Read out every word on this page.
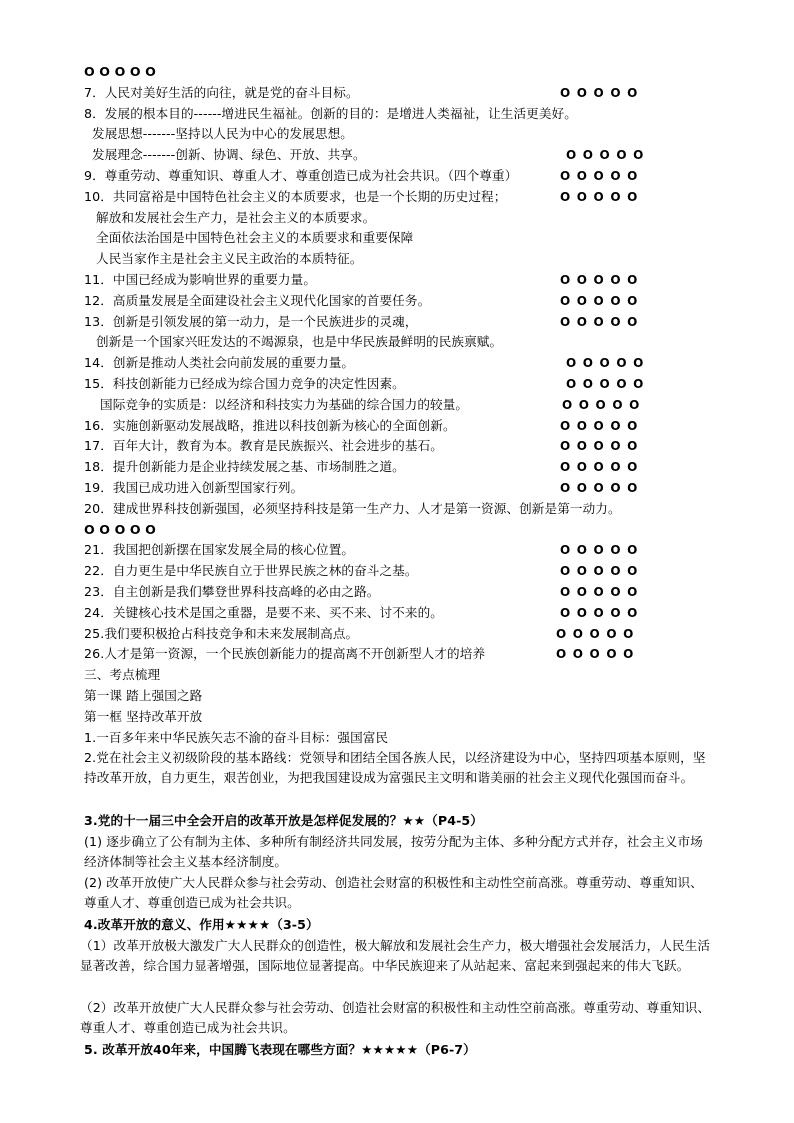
O O O O O
7．人民对美好生活的向往，就是党的奋斗目标。	O O O O O
8．发展的根本目的------增进民生福祉。创新的目的：是增进人类福祉，让生活更美好。
发展思想-------坚持以人民为中心的发展思想。
发展理念-------创新、协调、绿色、开放、共享。	O O O O O
9．尊重劳动、尊重知识、尊重人才、尊重创造已成为社会共识。（四个尊重）	O O O O O
10．共同富裕是中国特色社会主义的本质要求，也是一个长期的历史过程；	O O O O O
解放和发展社会生产力，是社会主义的本质要求。
全面依法治国是中国特色社会主义的本质要求和重要保障
人民当家作主是社会主义民主政治的本质特征。
11．中国已经成为影响世界的重要力量。	O O O O O
12．高质量发展是全面建设社会主义现代化国家的首要任务。	O O O O O
13．创新是引领发展的第一动力，是一个民族进步的灵魂，	O O O O O
创新是一个国家兴旺发达的不竭源泉，也是中华民族最鲜明的民族禀赋。
14．创新是推动人类社会向前发展的重要力量。	O O O O O
15．科技创新能力已经成为综合国力竞争的决定性因素。	O O O O O
国际竞争的实质是：以经济和科技实力为基础的综合国力的较量。	O O O O O
16．实施创新驱动发展战略，推进以科技创新为核心的全面创新。	O O O O O
17．百年大计，教育为本。教育是民族振兴、社会进步的基石。	O O O O O
18．提升创新能力是企业持续发展之基、市场制胜之道。	O O O O O
19．我国已成功进入创新型国家行列。	O O O O O
20．建成世界科技创新强国，必须坚持科技是第一生产力、人才是第一资源、创新是第一动力。
O O O O O
21．我国把创新摆在国家发展全局的核心位置。	O O O O O
22．自力更生是中华民族自立于世界民族之林的奋斗之基。	O O O O O
23．自主创新是我们攀登世界科技高峰的必由之路。	O O O O O
24．关键核心技术是国之重器，是要不来、买不来、讨不来的。	O O O O O
25.我们要积极抢占科技竞争和未来发展制高点。	O O O O O
26.人才是第一资源，一个民族创新能力的提高离不开创新型人才的培养	O O O O O
三、考点梳理
第一课 踏上强国之路
第一框 坚持改革开放
1.一百多年来中华民族矢志不渝的奋斗目标：强国富民
2.党在社会主义初级阶段的基本路线：党领导和团结全国各族人民，以经济建设为中心，坚持四项基本原则，坚持改革开放，自力更生，艰苦创业，为把我国建设成为富强民主文明和谐美丽的社会主义现代化强国而奋斗。
3.党的十一届三中全会开启的改革开放是怎样促发展的？★★（P4-5）
(1) 逐步确立了公有制为主体、多种所有制经济共同发展，按劳分配为主体、多种分配方式并存，社会主义市场经济体制等社会主义基本经济制度。
(2) 改革开放使广大人民群众参与社会劳动、创造社会财富的积极性和主动性空前高涨。尊重劳动、尊重知识、尊重人才、尊重创造已成为社会共识。
4.改革开放的意义、作用★★★★（3-5）
（1）改革开放极大激发广大人民群众的创造性，极大解放和发展社会生产力，极大增强社会发展活力，人民生活显著改善，综合国力显著增强，国际地位显著提高。中华民族迎来了从站起来、富起来到强起来的伟大飞跃。
（2）改革开放使广大人民群众参与社会劳动、创造社会财富的积极性和主动性空前高涨。尊重劳动、尊重知识、尊重人才、尊重创造已成为社会共识。
5. 改革开放40年来，中国腾飞表现在哪些方面？★★★★★（P6-7）
